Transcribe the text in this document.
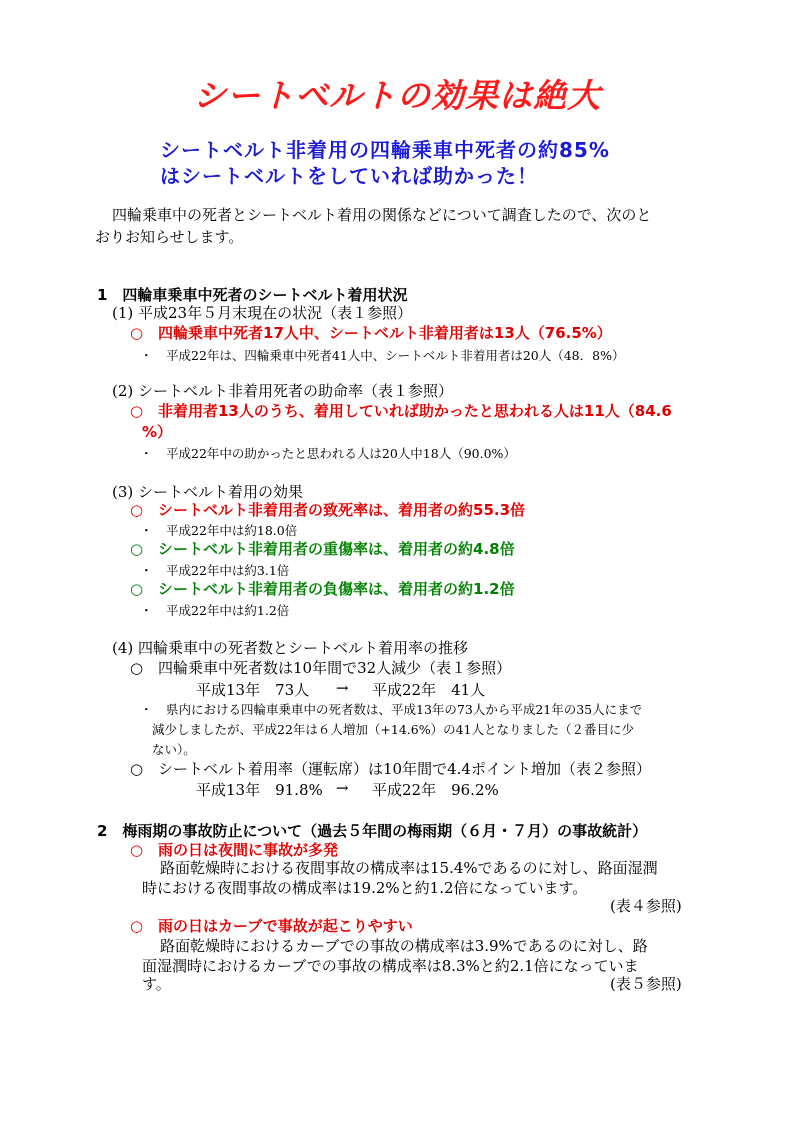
シートベルトの効果は絶大
シートベルト非着用の四輪乗車中死者の約85%
はシートベルトをしていれば助かった！
四輪乗車中の死者とシートベルト着用の関係などについて調査したので、次のと
おりお知らせします。
1　四輪車乗車中死者のシートベルト着用状況
(1) 平成23年５月末現在の状況（表１参照）
○ 四輪乗車中死者17人中、シートベルト非着用者は13人（76.5%）
・ 平成22年は、四輪乗車中死者41人中、シートベルト非着用者は20人（48．8%）
(2) シートベルト非着用死者の助命率（表１参照）
○ 非着用者13人のうち、着用していれば助かったと思われる人は11人（84.6
%）
・ 平成22年中の助かったと思われる人は20人中18人（90.0%）
(3) シートベルト着用の効果
○ シートベルト非着用者の致死率は、着用者の約55.3倍
・ 平成22年中は約18.0倍
○ シートベルト非着用者の重傷率は、着用者の約4.8倍
・ 平成22年中は約3.1倍
○ シートベルト非着用者の負傷率は、着用者の約1.2倍
・ 平成22年中は約1.2倍
(4) 四輪乗車中の死者数とシートベルト着用率の推移
○ 四輪乗車中死者数は10年間で32人減少（表１参照）
平成13年　73人 → 平成22年　41人
・ 県内における四輪車乗車中の死者数は、平成13年の73人から平成21年の35人にまで
減少しましたが、平成22年は６人増加（+14.6%）の41人となりました（２番目に少
ない）。
○ シートベルト着用率（運転席）は10年間で4.4ポイント増加（表２参照）
平成13年　91.8% → 平成22年　96.2%
2　梅雨期の事故防止について（過去５年間の梅雨期（６月・７月）の事故統計）
○ 雨の日は夜間に事故が多発
路面乾燥時における夜間事故の構成率は15.4%であるのに対し、路面湿潤
時における夜間事故の構成率は19.2%と約1.2倍になっています。
(表４参照)
○ 雨の日はカーブで事故が起こりやすい
路面乾燥時におけるカーブでの事故の構成率は3.9%であるのに対し、路
面湿潤時におけるカーブでの事故の構成率は8.3%と約2.1倍になっていま
す。	(表５参照)
